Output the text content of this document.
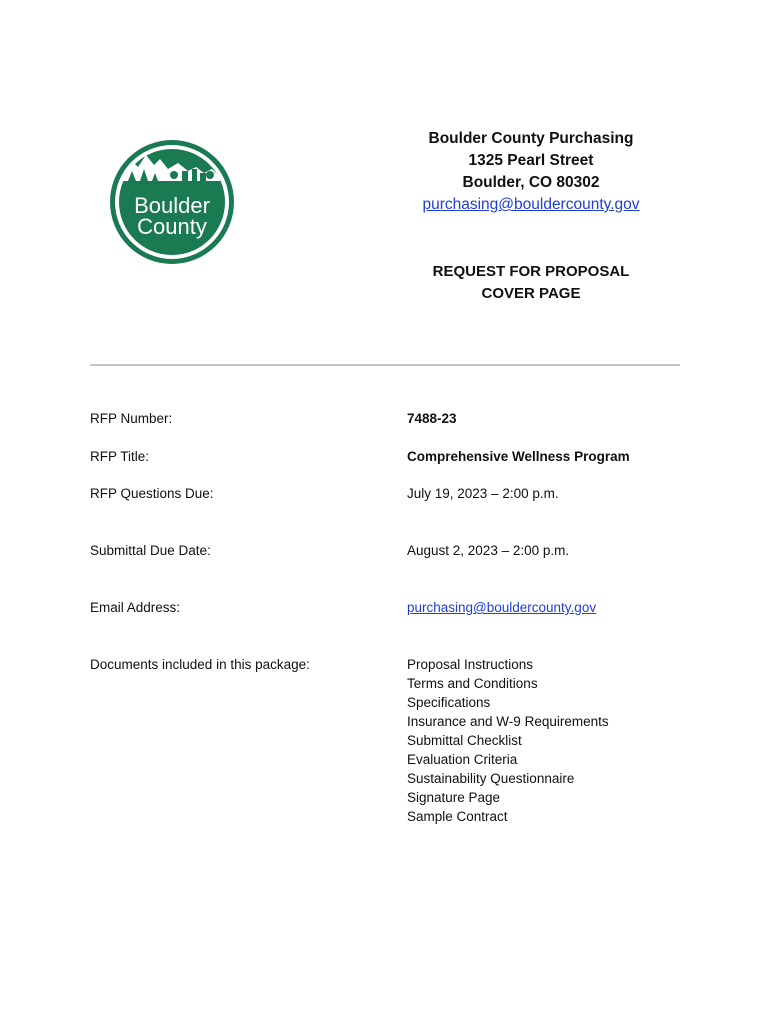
Boulder
County
Boulder County Purchasing
1325 Pearl Street
Boulder, CO 80302
purchasing@bouldercounty.gov
REQUEST FOR PROPOSAL
COVER PAGE
RFP Number:	7488-23
RFP Title:	Comprehensive Wellness Program
RFP Questions Due:	July 19, 2023 – 2:00 p.m.
Submittal Due Date:	August 2, 2023 – 2:00 p.m.
Email Address:	purchasing@bouldercounty.gov
Documents included in this package:	Proposal Instructions
Terms and Conditions
Specifications
Insurance and W-9 Requirements
Submittal Checklist
Evaluation Criteria
Sustainability Questionnaire
Signature Page
Sample Contract
